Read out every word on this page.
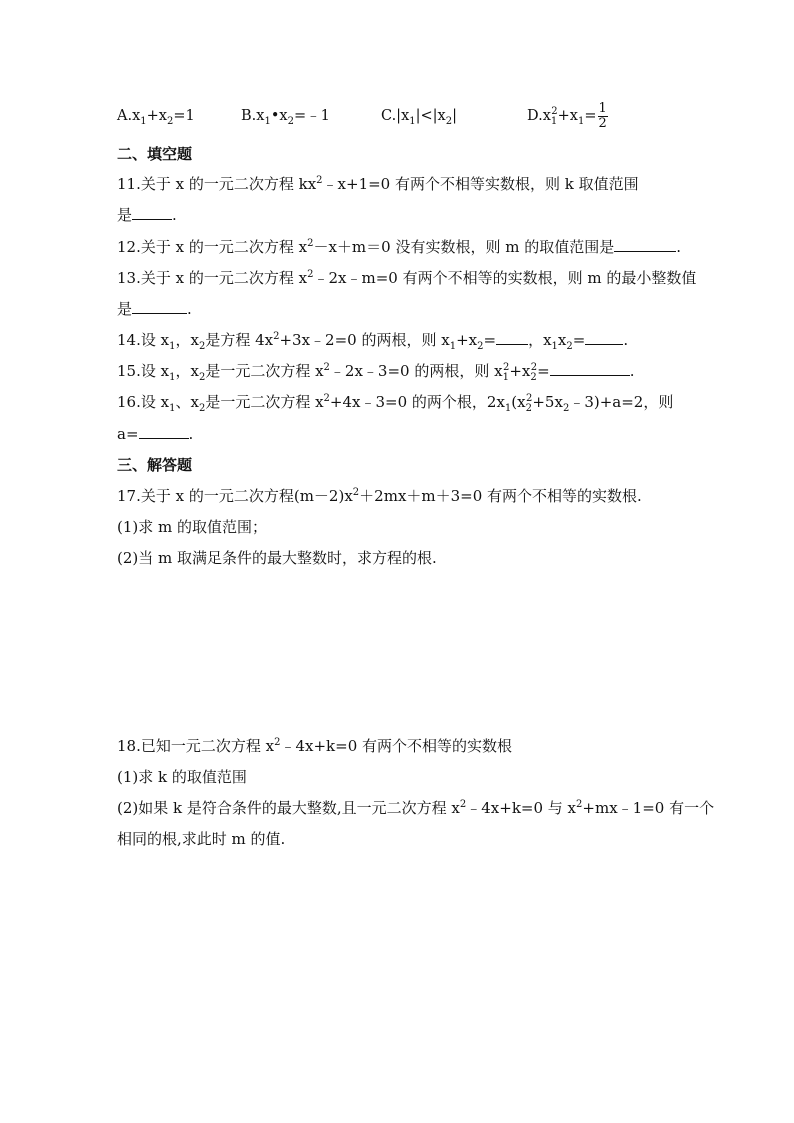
$A.x_1+x_2=1$	$B.x_1•x_2=﹣1$	$C.|x_1|<|x_2|$	$D.x_1^2+x_1= \frac{1}{2}$
二、填空题
11.关于 x 的一元二次方程 $kx^2﹣x+1=0$ 有两个不相等实数根，则 k 取值范围
是	.
12.关于 x 的一元二次方程 $x^2-x+m=0$ 没有实数根，则 m 的取值范围是	.
13.关于 x 的一元二次方程 $x^2﹣2x﹣m=0$ 有两个不相等的实数根，则 m 的最小整数值
是	.
14.设 $x_1$，$x_2$是方程 $4x^2+3x﹣2=0$ 的两根，则 $x_1+x_2=$ ，$x_1x_2=$	.
15.设 $x_1$，$x_2$是一元二次方程 $x^2﹣2x﹣3=0$ 的两根，则 $x_1^2+x_2^2=$	.
16.设 $x_1$、$x_2$是一元二次方程 $x^2+4x﹣3=0$ 的两个根，$2x_1(x_2^2+5x_2﹣3)+a=2$，则
a=	.
三、解答题
17.关于 x 的一元二次方程$(m-2)x^2+2mx+m+3=0$ 有两个不相等的实数根.
(1)求 m 的取值范围；
(2)当 m 取满足条件的最大整数时，求方程的根.
18.已知一元二次方程 $x^2﹣4x+k=0$ 有两个不相等的实数根
(1)求 k 的取值范围
(2)如果 k 是符合条件的最大整数,且一元二次方程 $x^2﹣4x+k=0$ 与 $x^2+mx﹣1=0$ 有一个
相同的根,求此时 m 的值.
